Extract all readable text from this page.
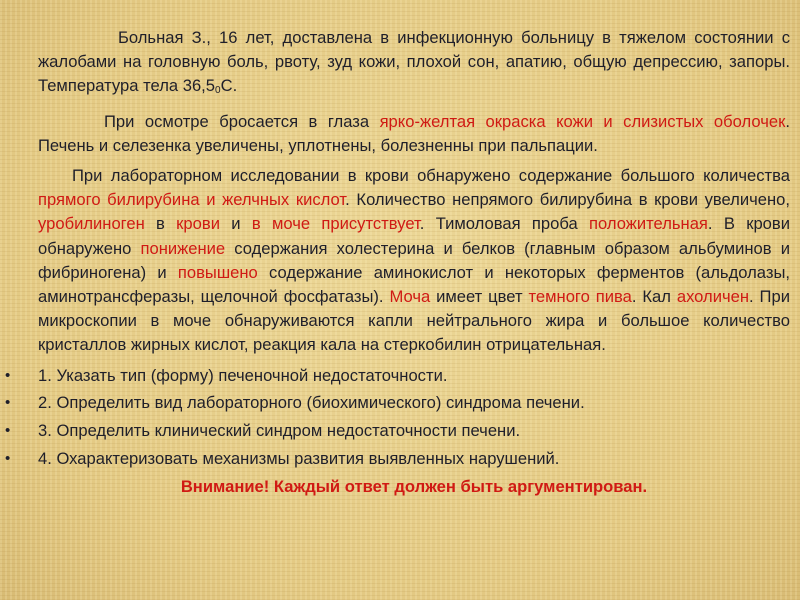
Больная З., 16 лет, доставлена в инфекционную больницу в тяжелом состоянии с жалобами на головную боль, рвоту, зуд кожи, плохой сон, апатию, общую депрессию, запоры. Температура тела $36,5_0С$.

При осмотре бросается в глаза ярко-желтая окраска кожи и слизистых оболочек. Печень и селезенка увеличены, уплотнены, болезненны при пальпации.

При лабораторном исследовании в крови обнаружено содержание большого количества прямого билирубина и желчных кислот. Количество непрямого билирубина в крови увеличено, уробилиноген в крови и в моче присутствует. Тимоловая проба положительная. В крови обнаружено понижение содержания холестерина и белков (главным образом альбуминов и фибриногена) и повышено содержание аминокислот и некоторых ферментов (альдолазы, аминотрансферазы, щелочной фосфатазы). Моча имеет цвет темного пива. Кал ахоличен. При микроскопии в моче обнаруживаются капли нейтрального жира и большое количество кристаллов жирных кислот, реакция кала на стеркобилин отрицательная.

• 1. Указать тип (форму) печеночной недостаточности.
• 2. Определить вид лабораторного (биохимического) синдрома печени.
• 3. Определить клинический синдром недостаточности печени.
• 4. Охарактеризовать механизмы развития выявленных нарушений.
Внимание! Каждый ответ должен быть аргументирован.
